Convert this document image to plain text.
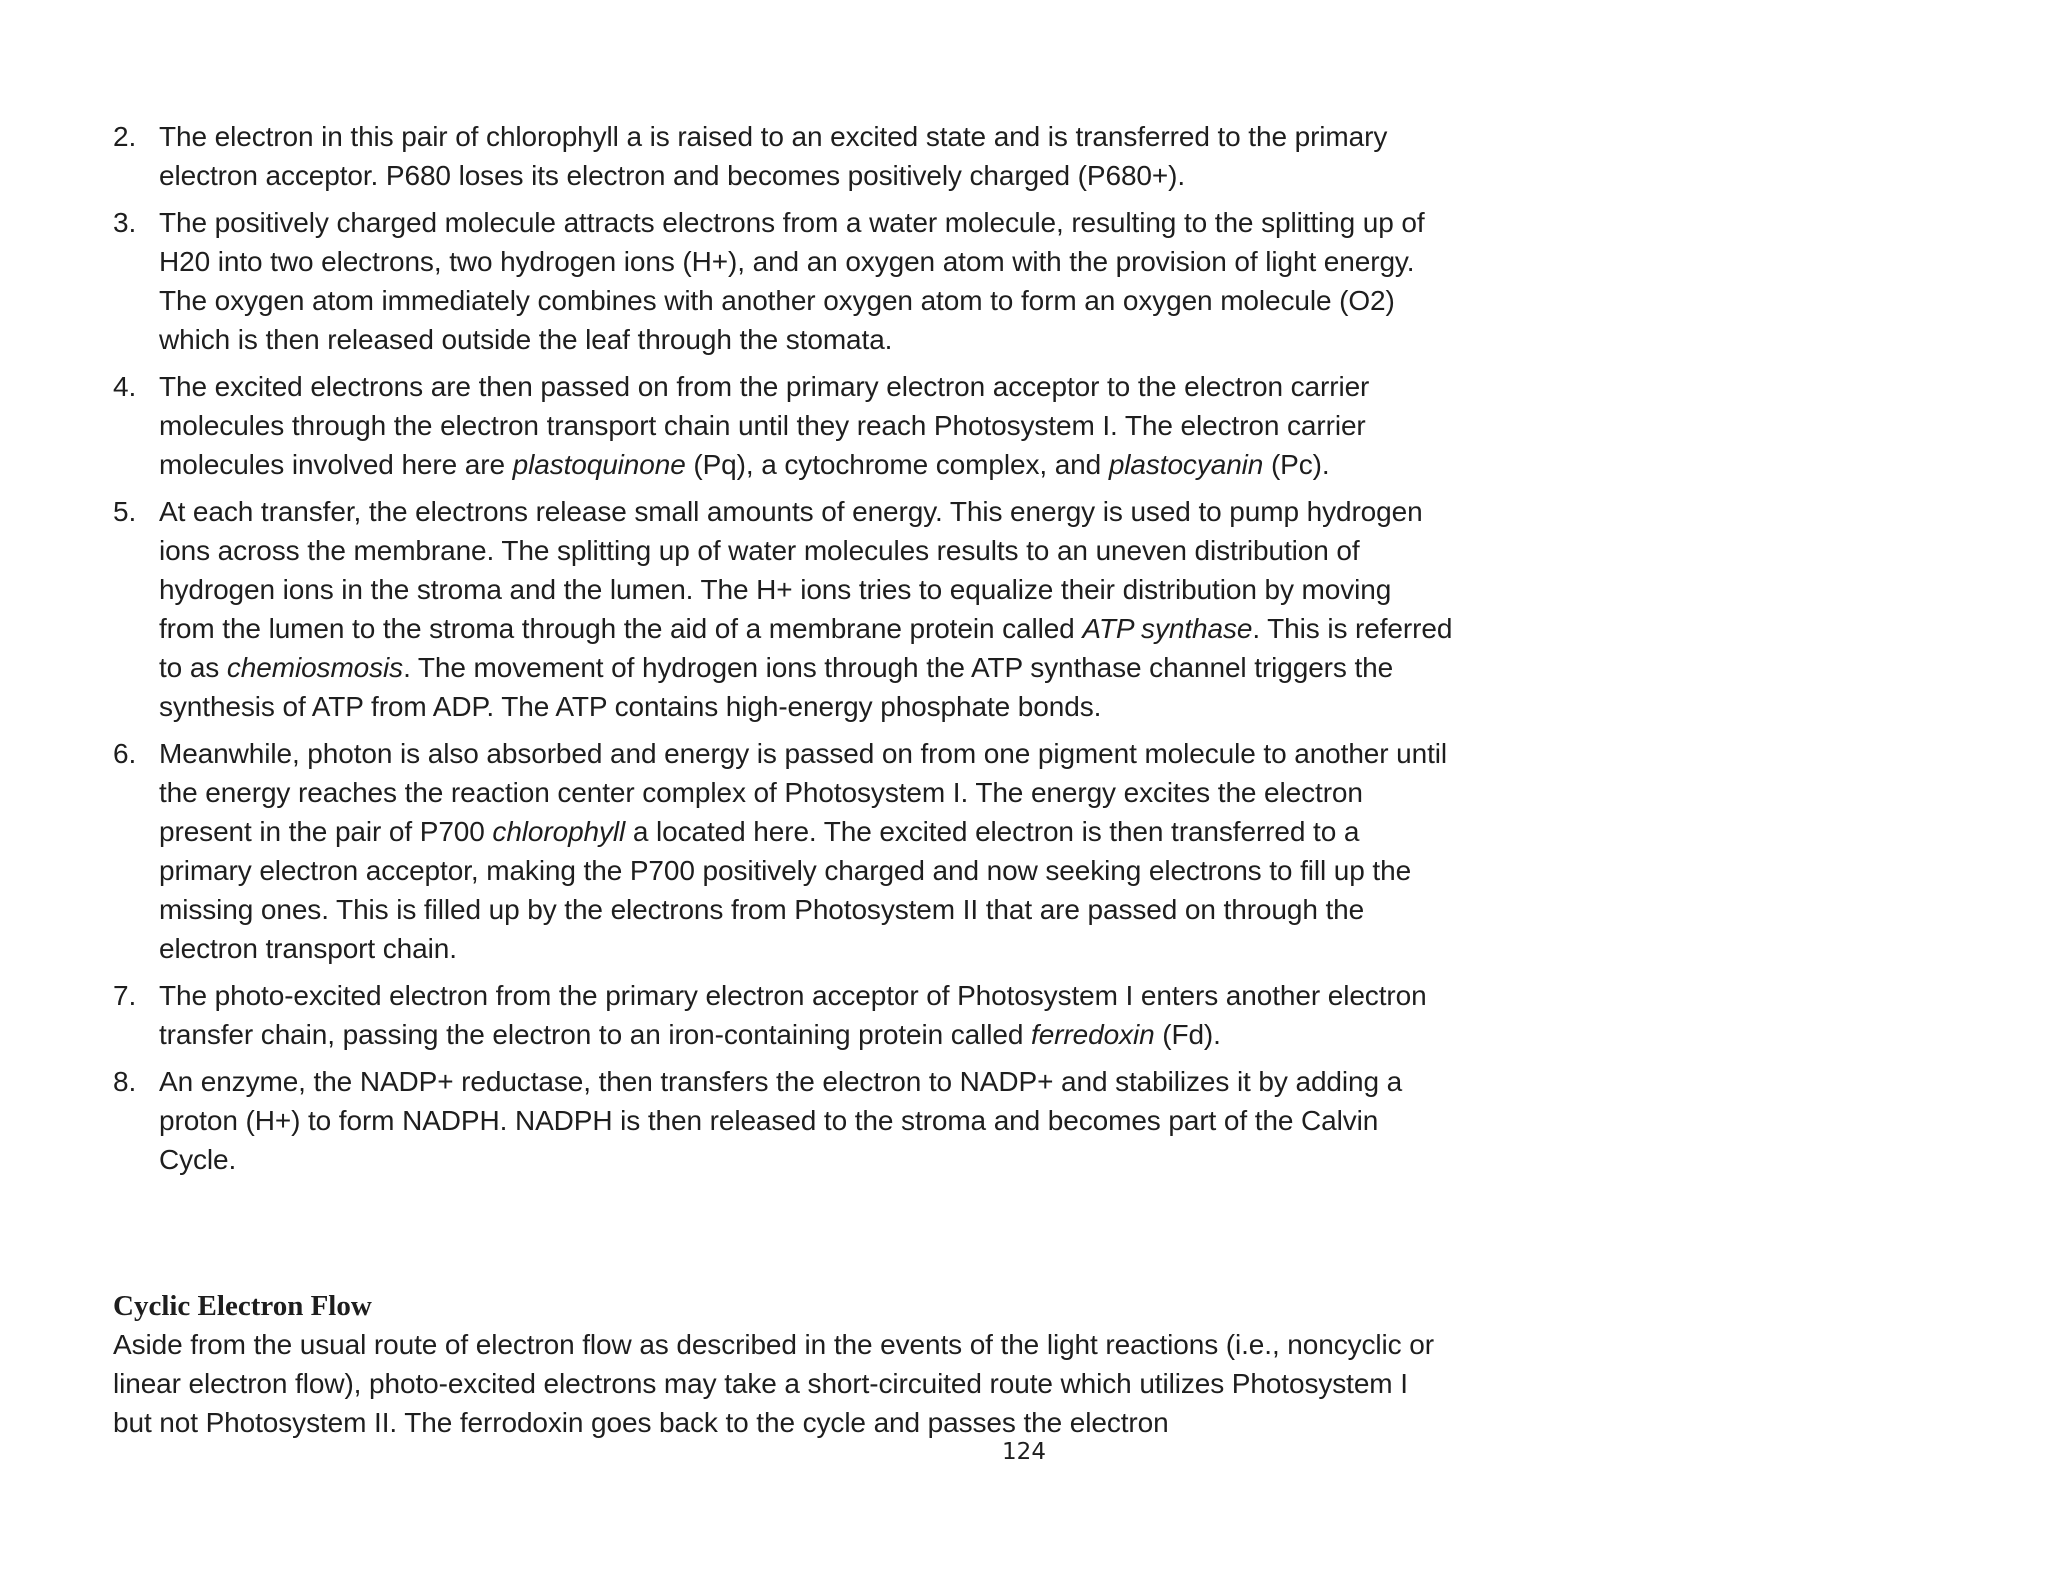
2. The electron in this pair of chlorophyll a is raised to an excited state and is transferred to the primary electron acceptor. P680 loses its electron and becomes positively charged (P680+).
3. The positively charged molecule attracts electrons from a water molecule, resulting to the splitting up of H20 into two electrons, two hydrogen ions (H+), and an oxygen atom with the provision of light energy. The oxygen atom immediately combines with another oxygen atom to form an oxygen molecule (O2) which is then released outside the leaf through the stomata.
4. The excited electrons are then passed on from the primary electron acceptor to the electron carrier molecules through the electron transport chain until they reach Photosystem I. The electron carrier molecules involved here are plastoquinone (Pq), a cytochrome complex, and plastocyanin (Pc).
5. At each transfer, the electrons release small amounts of energy. This energy is used to pump hydrogen ions across the membrane. The splitting up of water molecules results to an uneven distribution of hydrogen ions in the stroma and the lumen. The H+ ions tries to equalize their distribution by moving from the lumen to the stroma through the aid of a membrane protein called ATP synthase. This is referred to as chemiosmosis. The movement of hydrogen ions through the ATP synthase channel triggers the synthesis of ATP from ADP. The ATP contains high-energy phosphate bonds.
6. Meanwhile, photon is also absorbed and energy is passed on from one pigment molecule to another until the energy reaches the reaction center complex of Photosystem I. The energy excites the electron present in the pair of P700 chlorophyll a located here. The excited electron is then transferred to a primary electron acceptor, making the P700 positively charged and now seeking electrons to fill up the missing ones. This is filled up by the electrons from Photosystem II that are passed on through the electron transport chain.
7. The photo-excited electron from the primary electron acceptor of Photosystem I enters another electron transfer chain, passing the electron to an iron-containing protein called ferredoxin (Fd).
8. An enzyme, the NADP+ reductase, then transfers the electron to NADP+ and stabilizes it by adding a proton (H+) to form NADPH. NADPH is then released to the stroma and becomes part of the Calvin Cycle.
Cyclic Electron Flow

Aside from the usual route of electron flow as described in the events of the light reactions (i.e., noncyclic or linear electron flow), photo-excited electrons may take a short-circuited route which utilizes Photosystem I but not Photosystem II. The ferrodoxin goes back to the cycle and passes the electron

124
